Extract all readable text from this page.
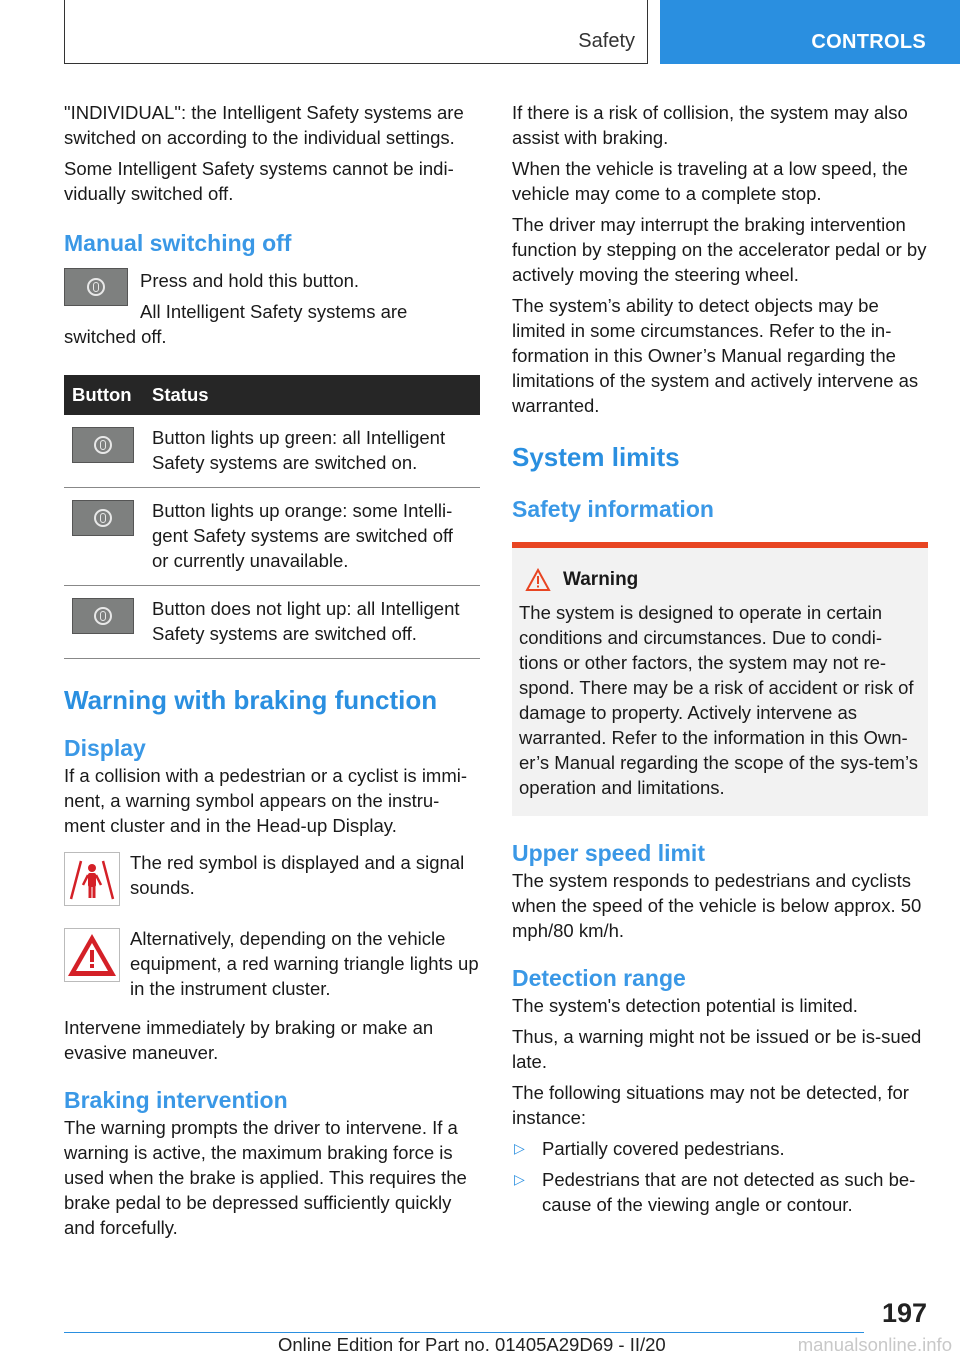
Safety	CONTROLS

"INDIVIDUAL": the Intelligent Safety systems are switched on according to the individual settings.

Some Intelligent Safety systems cannot be indi-vidually switched off.

Manual switching off

Press and hold this button.

All Intelligent Safety systems are switched off.

Button	Status

	Button lights up green: all Intelligent Safety systems are switched on.

	Button lights up orange: some Intelli-gent Safety systems are switched off or currently unavailable.

	Button does not light up: all Intelligent Safety systems are switched off.
Warning with braking function
Display

If a collision with a pedestrian or a cyclist is immi-nent, a warning symbol appears on the instru-ment cluster and in the Head-up Display.

The red symbol is displayed and a signal sounds.

Alternatively, depending on the vehicle equipment, a red warning triangle lights up in the instrument cluster.

Intervene immediately by braking or make an evasive maneuver.

Braking intervention

The warning prompts the driver to intervene. If a warning is active, the maximum braking force is used when the brake is applied. This requires the brake pedal to be depressed sufficiently quickly and forcefully.

If there is a risk of collision, the system may also assist with braking.

When the vehicle is traveling at a low speed, the vehicle may come to a complete stop.

The driver may interrupt the braking intervention function by stepping on the accelerator pedal or by actively moving the steering wheel.

The system’s ability to detect objects may be limited in some circumstances. Refer to the in-formation in this Owner’s Manual regarding the limitations of the system and actively intervene as warranted.

System limits
Safety information
Warning

The system is designed to operate in certain conditions and circumstances. Due to condi-tions or other factors, the system may not re-spond. There may be a risk of accident or risk of damage to property. Actively intervene as warranted. Refer to the information in this Own-er’s Manual regarding the scope of the sys-tem’s operation and limitations.

Upper speed limit

The system responds to pedestrians and cyclists when the speed of the vehicle is below approx. 50 mph/80 km/h.

Detection range

The system's detection potential is limited.

Thus, a warning might not be issued or be is-sued late.

The following situations may not be detected, for instance:

▷ Partially covered pedestrians.
▷ Pedestrians that are not detected as such be-cause of the viewing angle or contour.
197
Online Edition for Part no. 01405A29D69 - II/20	manualsonline.info
